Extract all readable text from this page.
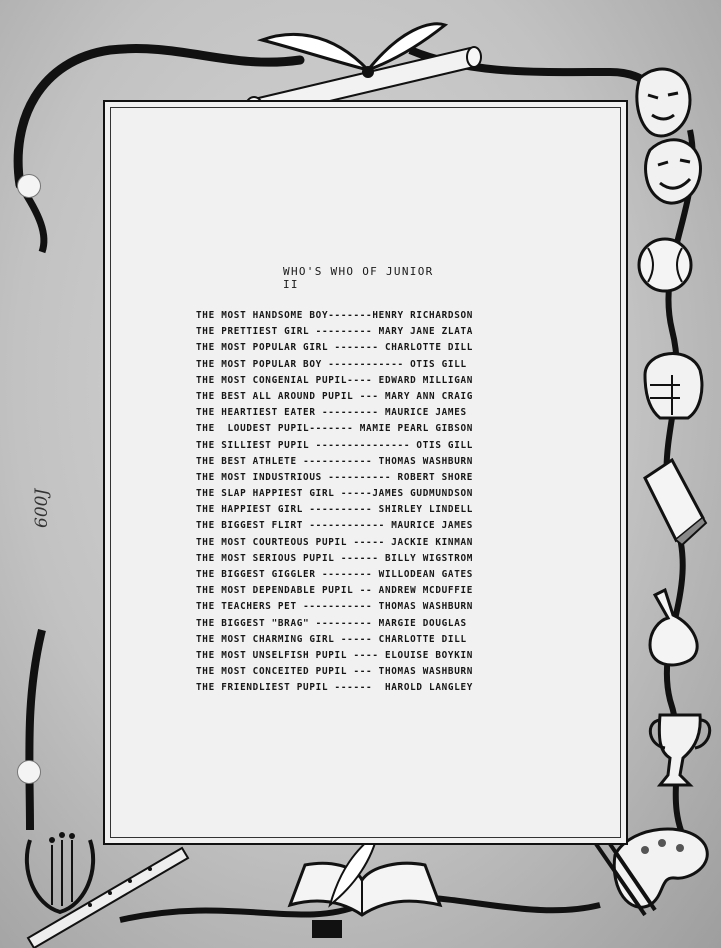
600J
WHO'S WHO OF JUNIOR II
THE MOST HANDSOME BOY-------HENRY RICHARDSON
THE PRETTIEST GIRL --------- MARY JANE ZLATA
THE MOST POPULAR GIRL ------- CHARLOTTE DILL
THE MOST POPULAR BOY ------------ OTIS GILL
THE MOST CONGENIAL PUPIL---- EDWARD MILLIGAN
THE BEST ALL AROUND PUPIL --- MARY ANN CRAIG
THE HEARTIEST EATER --------- MAURICE JAMES
THE  LOUDEST PUPIL------- MAMIE PEARL GIBSON
THE SILLIEST PUPIL --------------- OTIS GILL
THE BEST ATHLETE ----------- THOMAS WASHBURN
THE MOST INDUSTRIOUS ---------- ROBERT SHORE
THE SLAP HAPPIEST GIRL -----JAMES GUDMUNDSON
THE HAPPIEST GIRL ---------- SHIRLEY LINDELL
THE BIGGEST FLIRT ------------ MAURICE JAMES
THE MOST COURTEOUS PUPIL ----- JACKIE KINMAN
THE MOST SERIOUS PUPIL ------ BILLY WIGSTROM
THE BIGGEST GIGGLER -------- WILLODEAN GATES
THE MOST DEPENDABLE PUPIL -- ANDREW MCDUFFIE
THE TEACHERS PET ----------- THOMAS WASHBURN
THE BIGGEST "BRAG" --------- MARGIE DOUGLAS
THE MOST CHARMING GIRL ----- CHARLOTTE DILL
THE MOST UNSELFISH PUPIL ---- ELOUISE BOYKIN
THE MOST CONCEITED PUPIL --- THOMAS WASHBURN
THE FRIENDLIEST PUPIL ------  HAROLD LANGLEY
